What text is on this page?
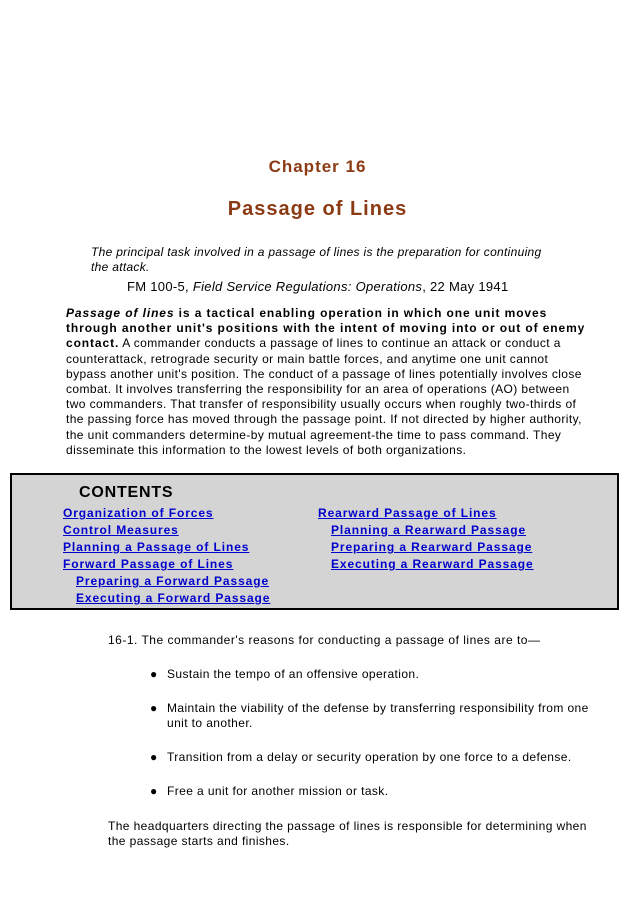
Chapter 16
Passage of Lines
The principal task involved in a passage of lines is the preparation for continuing the attack.
FM 100-5, Field Service Regulations: Operations, 22 May 1941
Passage of lines is a tactical enabling operation in which one unit moves through another unit's positions with the intent of moving into or out of enemy contact. A commander conducts a passage of lines to continue an attack or conduct a counterattack, retrograde security or main battle forces, and anytime one unit cannot bypass another unit's position. The conduct of a passage of lines potentially involves close combat. It involves transferring the responsibility for an area of operations (AO) between two commanders. That transfer of responsibility usually occurs when roughly two-thirds of the passing force has moved through the passage point. If not directed by higher authority, the unit commanders determine-by mutual agreement-the time to pass command. They disseminate this information to the lowest levels of both organizations.
CONTENTS
Organization of Forces
Control Measures
Planning a Passage of Lines
Forward Passage of Lines
Preparing a Forward Passage
Executing a Forward Passage
Rearward Passage of Lines
Planning a Rearward Passage
Preparing a Rearward Passage
Executing a Rearward Passage
16-1. The commander's reasons for conducting a passage of lines are to—
● Sustain the tempo of an offensive operation.
● Maintain the viability of the defense by transferring responsibility from one unit to another.
● Transition from a delay or security operation by one force to a defense.
● Free a unit for another mission or task.
The headquarters directing the passage of lines is responsible for determining when the passage starts and finishes.
